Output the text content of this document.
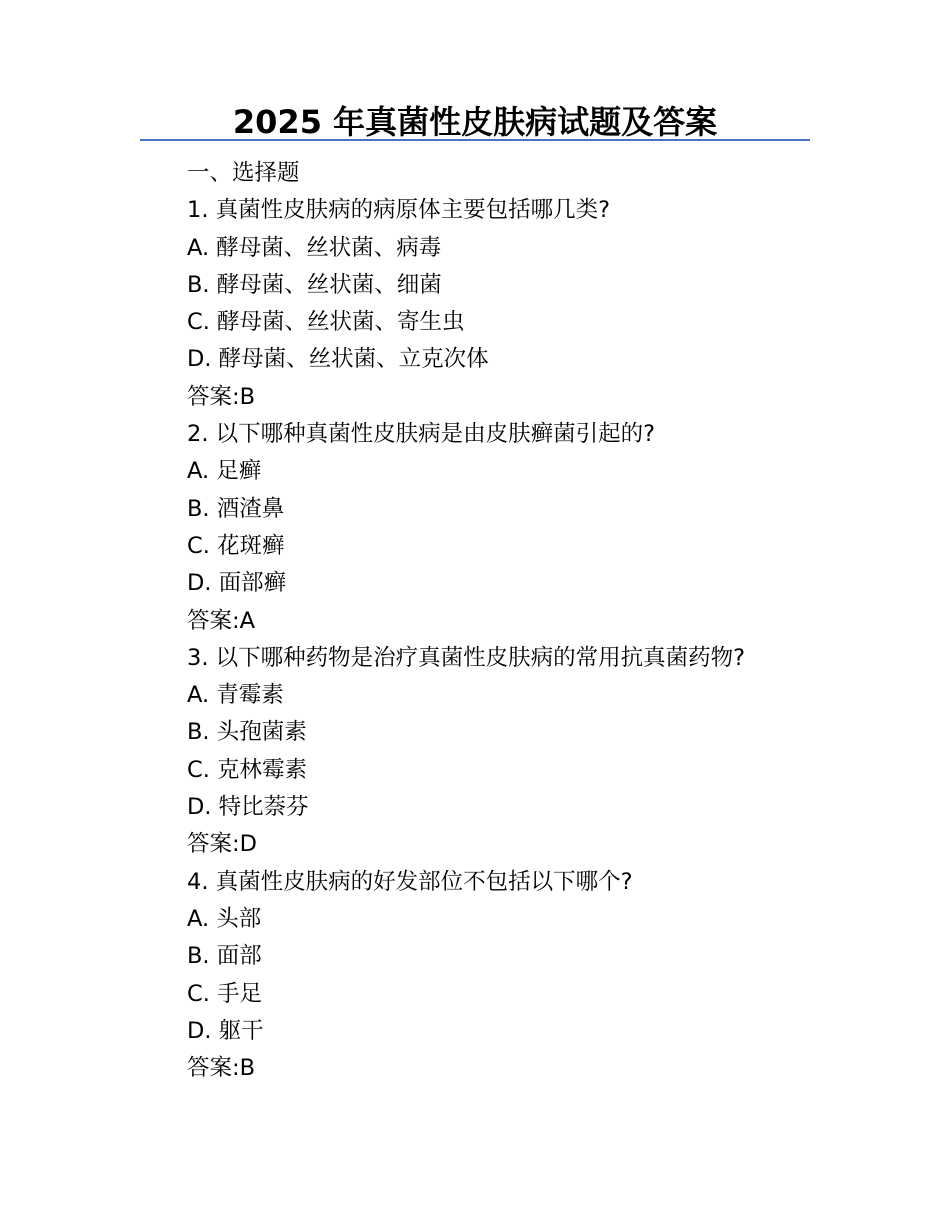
2025 年真菌性皮肤病试题及答案
一、选择题
1. 真菌性皮肤病的病原体主要包括哪几类?
A. 酵母菌、丝状菌、病毒
B. 酵母菌、丝状菌、细菌
C. 酵母菌、丝状菌、寄生虫
D. 酵母菌、丝状菌、立克次体
答案:B
2. 以下哪种真菌性皮肤病是由皮肤癣菌引起的?
A. 足癣
B. 酒渣鼻
C. 花斑癣
D. 面部癣
答案:A
3. 以下哪种药物是治疗真菌性皮肤病的常用抗真菌药物?
A. 青霉素
B. 头孢菌素
C. 克林霉素
D. 特比萘芬
答案:D
4. 真菌性皮肤病的好发部位不包括以下哪个?
A. 头部
B. 面部
C. 手足
D. 躯干
答案:B
